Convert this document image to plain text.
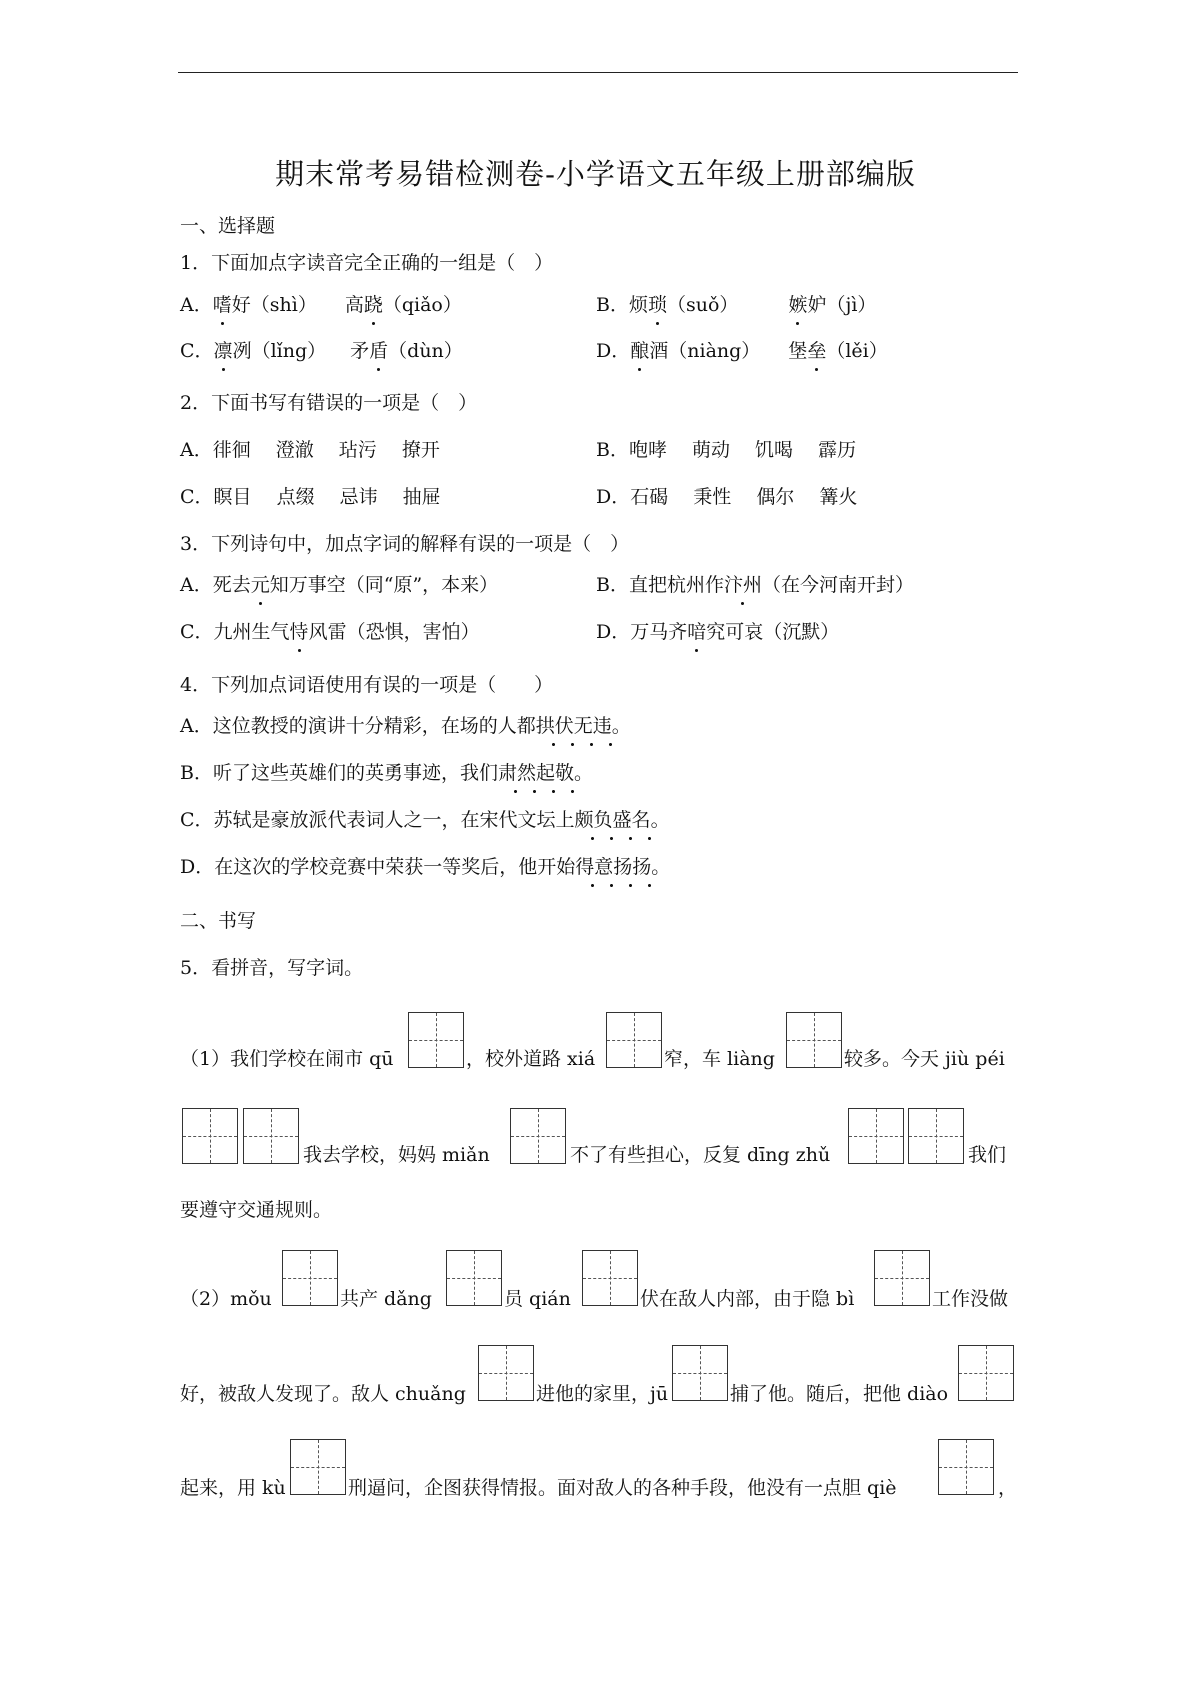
期末常考易错检测卷-小学语文五年级上册部编版
一、选择题
1．下面加点字读音完全正确的一组是（　）
A．嗜好（shì） 高跷（qiǎo）	B．烦琐（suǒ）	嫉妒（jì）
C．凛冽（lǐng） 矛盾（dùn）	D．酿酒（niàng） 堡垒（lěi）
2．下面书写有错误的一项是（　）
A．徘徊　 澄澈　 玷污　 撩开	B．咆哮　 萌动　 饥喝　 霹历
C．瞑目　 点缀　 忌讳　 抽屉	D．石碣　 秉性　 偶尔　 篝火
3．下列诗句中，加点字词的解释有误的一项是（　）
A．死去元知万事空（同“原”，本来）	B．直把杭州作汴州（在今河南开封）
C．九州生气恃风雷（恐惧，害怕）	D．万马齐喑究可哀（沉默）
4．下列加点词语使用有误的一项是（　　）
A．这位教授的演讲十分精彩，在场的人都拱伏无违。
B．听了这些英雄们的英勇事迹，我们肃然起敬。
C．苏轼是豪放派代表词人之一，在宋代文坛上颇负盛名。
D．在这次的学校竞赛中荣获一等奖后，他开始得意扬扬。
二、书写
5．看拼音，写字词。
（1）我们学校在闹市 qū	，校外道路 xiá	窄，车 liàng	较多。今天 jiù péi
我去学校，妈妈 miǎn	不了有些担心，反复 dīng zhǔ	我们
要遵守交通规则。
（2）mǒu	共产 dǎng	员 qián	伏在敌人内部，由于隐 bì	工作没做
好，被敌人发现了。敌人 chuǎng	进他的家里，jū	捕了他。随后，把他 diào
起来，用 kù	刑逼问，企图获得情报。面对敌人的各种手段，他没有一点胆 qiè	，
